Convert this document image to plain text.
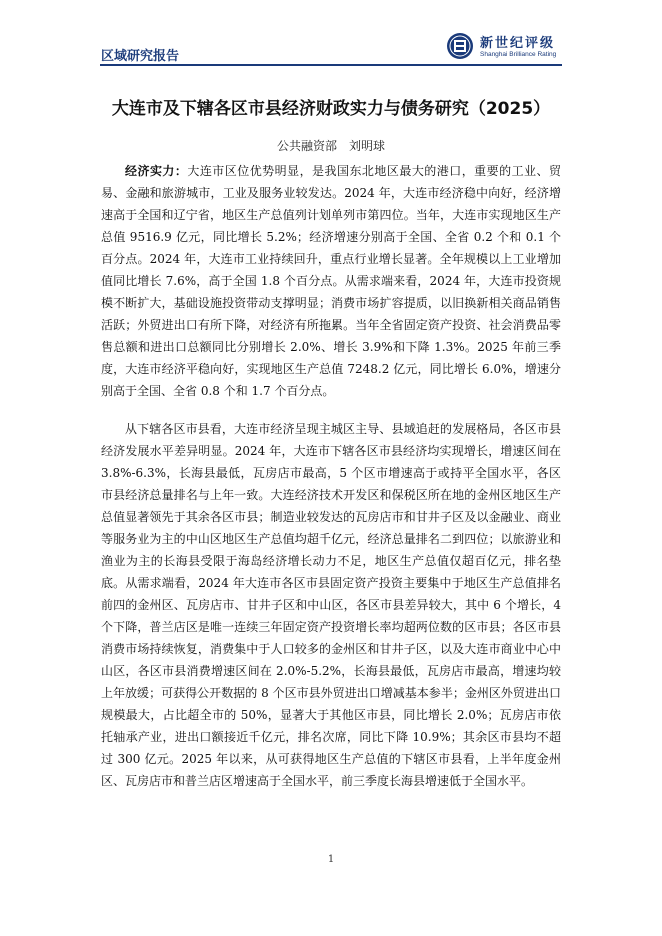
区域研究报告
新世纪评级
Shanghai Brilliance Rating
大连市及下辖各区市县经济财政实力与债务研究（2025）
公共融资部　刘明球

经济实力：大连市区位优势明显，是我国东北地区最大的港口，重要的工业、贸易、金融和旅游城市，工业及服务业较发达。2024 年，大连市经济稳中向好，经济增速高于全国和辽宁省，地区生产总值列计划单列市第四位。当年，大连市实现地区生产总值 9516.9 亿元，同比增长 5.2%；经济增速分别高于全国、全省 0.2 个和 0.1 个百分点。2024 年，大连市工业持续回升，重点行业增长显著。全年规模以上工业增加值同比增长 7.6%，高于全国 1.8 个百分点。从需求端来看，2024 年，大连市投资规模不断扩大，基础设施投资带动支撑明显；消费市场扩容提质，以旧换新相关商品销售活跃；外贸进出口有所下降，对经济有所拖累。当年全省固定资产投资、社会消费品零售总额和进出口总额同比分别增长 2.0%、增长 3.9%和下降 1.3%。2025 年前三季度，大连市经济平稳向好，实现地区生产总值 7248.2 亿元，同比增长 6.0%，增速分别高于全国、全省 0.8 个和 1.7 个百分点。

从下辖各区市县看，大连市经济呈现主城区主导、县域追赶的发展格局，各区市县经济发展水平差异明显。2024 年，大连市下辖各区市县经济均实现增长，增速区间在 3.8%-6.3%，长海县最低，瓦房店市最高，5 个区市增速高于或持平全国水平，各区市县经济总量排名与上年一致。大连经济技术开发区和保税区所在地的金州区地区生产总值显著领先于其余各区市县；制造业较发达的瓦房店市和甘井子区及以金融业、商业等服务业为主的中山区地区生产总值均超千亿元，经济总量排名二到四位；以旅游业和渔业为主的长海县受限于海岛经济增长动力不足，地区生产总值仅超百亿元，排名垫底。从需求端看，2024 年大连市各区市县固定资产投资主要集中于地区生产总值排名前四的金州区、瓦房店市、甘井子区和中山区，各区市县差异较大，其中 6 个增长，4 个下降，普兰店区是唯一连续三年固定资产投资增长率均超两位数的区市县；各区市县消费市场持续恢复，消费集中于人口较多的金州区和甘井子区，以及大连市商业中心中山区，各区市县消费增速区间在 2.0%-5.2%，长海县最低，瓦房店市最高，增速均较上年放缓；可获得公开数据的 8 个区市县外贸进出口增减基本参半；金州区外贸进出口规模最大，占比超全市的 50%，显著大于其他区市县，同比增长 2.0%；瓦房店市依托轴承产业，进出口额接近千亿元，排名次席，同比下降 10.9%；其余区市县均不超过 300 亿元。2025 年以来，从可获得地区生产总值的下辖区市县看，上半年度金州区、瓦房店市和普兰店区增速高于全国水平，前三季度长海县增速低于全国水平。

1
